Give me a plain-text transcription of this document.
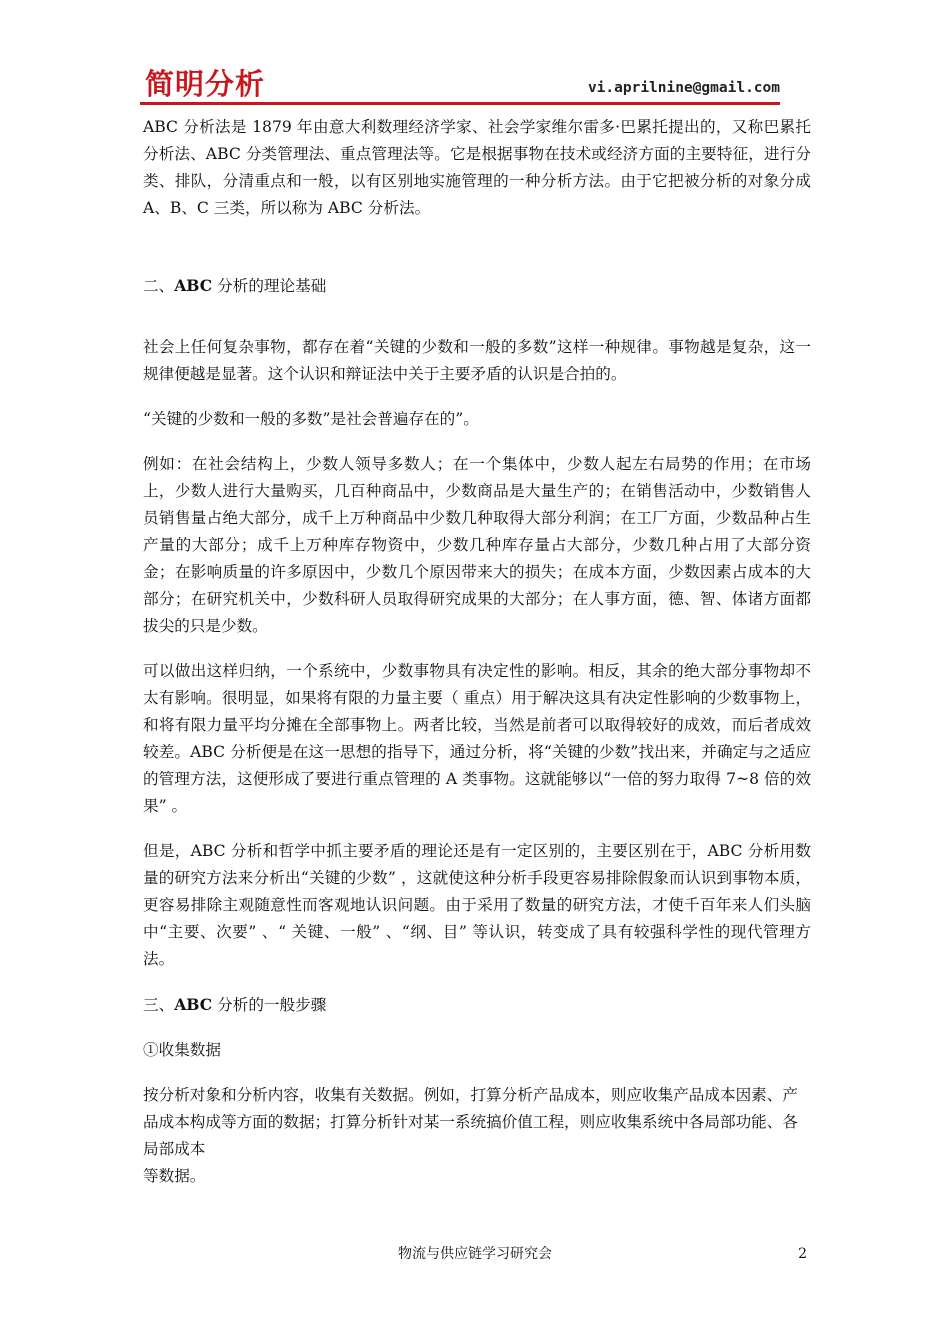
简明分析	vi.aprilnine@gmail.com

ABC 分析法是 1879 年由意大利数理经济学家、社会学家维尔雷多·巴累托提出的，又称巴累托分析法、ABC 分类管理法、重点管理法等。它是根据事物在技术或经济方面的主要特征，进行分类、排队，分清重点和一般，以有区别地实施管理的一种分析方法。由于它把被分析的对象分成 A、B、C 三类，所以称为 ABC 分析法。

二、ABC 分析的理论基础

社会上任何复杂事物，都存在着“关键的少数和一般的多数”这样一种规律。事物越是复杂，这一规律便越是显著。这个认识和辩证法中关于主要矛盾的认识是合拍的。

“关键的少数和一般的多数”是社会普遍存在的”。

例如：在社会结构上，少数人领导多数人；在一个集体中，少数人起左右局势的作用；在市场上，少数人进行大量购买，几百种商品中，少数商品是大量生产的；在销售活动中，少数销售人员销售量占绝大部分，成千上万种商品中少数几种取得大部分利润；在工厂方面，少数品种占生产量的大部分；成千上万种库存物资中，少数几种库存量占大部分，少数几种占用了大部分资金；在影响质量的许多原因中，少数几个原因带来大的损失；在成本方面，少数因素占成本的大部分；在研究机关中，少数科研人员取得研究成果的大部分；在人事方面，德、智、体诸方面都拔尖的只是少数。

可以做出这样归纳，一个系统中，少数事物具有决定性的影响。相反，其余的绝大部分事物却不太有影响。很明显，如果将有限的力量主要（ 重点）用于解决这具有决定性影响的少数事物上，和将有限力量平均分摊在全部事物上。两者比较，当然是前者可以取得较好的成效，而后者成效较差。ABC 分析便是在这一思想的指导下，通过分析，将“关键的少数”找出来，并确定与之适应的管理方法，这便形成了要进行重点管理的 A 类事物。这就能够以“一倍的努力取得 7~8 倍的效果” 。

但是，ABC 分析和哲学中抓主要矛盾的理论还是有一定区别的，主要区别在于，ABC 分析用数量的研究方法来分析出“关键的少数” ，这就使这种分析手段更容易排除假象而认识到事物本质，更容易排除主观随意性而客观地认识问题。由于采用了数量的研究方法，才使千百年来人们头脑中“主要、次要” 、“ 关键、一般” 、“纲、目” 等认识，转变成了具有较强科学性的现代管理方法。

三、ABC 分析的一般步骤

①收集数据

按分析对象和分析内容，收集有关数据。例如，打算分析产品成本，则应收集产品成本因素、产品成本构成等方面的数据；打算分析针对某一系统搞价值工程，则应收集系统中各局部功能、各局部成本

等数据。

物流与供应链学习研究会	2
